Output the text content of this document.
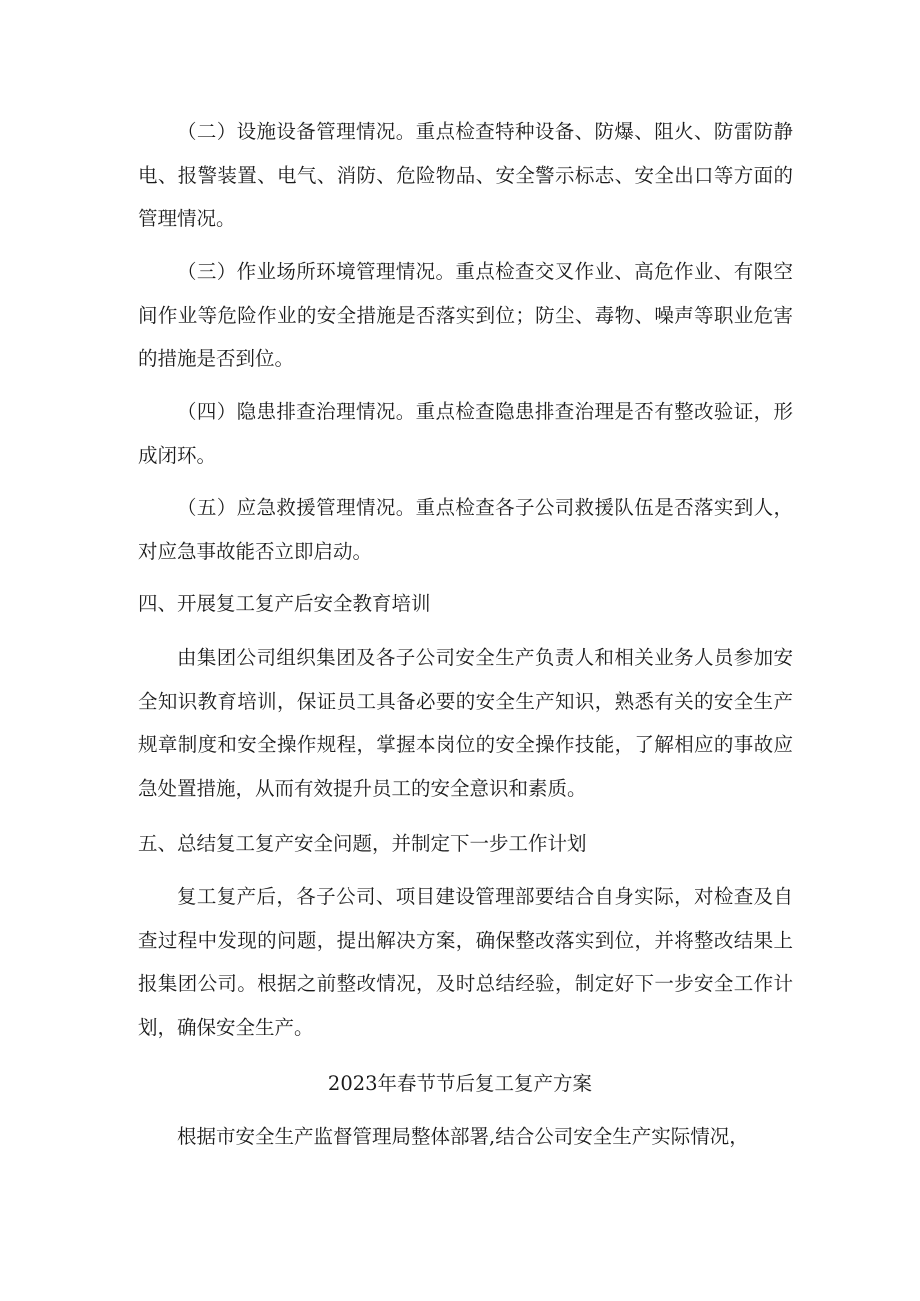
（二）设施设备管理情况。重点检查特种设备、防爆、阻火、防雷防静电、报警装置、电气、消防、危险物品、安全警示标志、安全出口等方面的管理情况。

（三）作业场所环境管理情况。重点检查交叉作业、高危作业、有限空间作业等危险作业的安全措施是否落实到位；防尘、毒物、噪声等职业危害的措施是否到位。

（四）隐患排查治理情况。重点检查隐患排查治理是否有整改验证，形成闭环。

（五）应急救援管理情况。重点检查各子公司救援队伍是否落实到人，对应急事故能否立即启动。

四、开展复工复产后安全教育培训

由集团公司组织集团及各子公司安全生产负责人和相关业务人员参加安全知识教育培训，保证员工具备必要的安全生产知识，熟悉有关的安全生产规章制度和安全操作规程，掌握本岗位的安全操作技能，了解相应的事故应急处置措施，从而有效提升员工的安全意识和素质。

五、总结复工复产安全问题，并制定下一步工作计划

复工复产后，各子公司、项目建设管理部要结合自身实际，对检查及自查过程中发现的问题，提出解决方案，确保整改落实到位，并将整改结果上报集团公司。根据之前整改情况，及时总结经验，制定好下一步安全工作计划，确保安全生产。

2023年春节节后复工复产方案

根据市安全生产监督管理局整体部署,结合公司安全生产实际情况，
